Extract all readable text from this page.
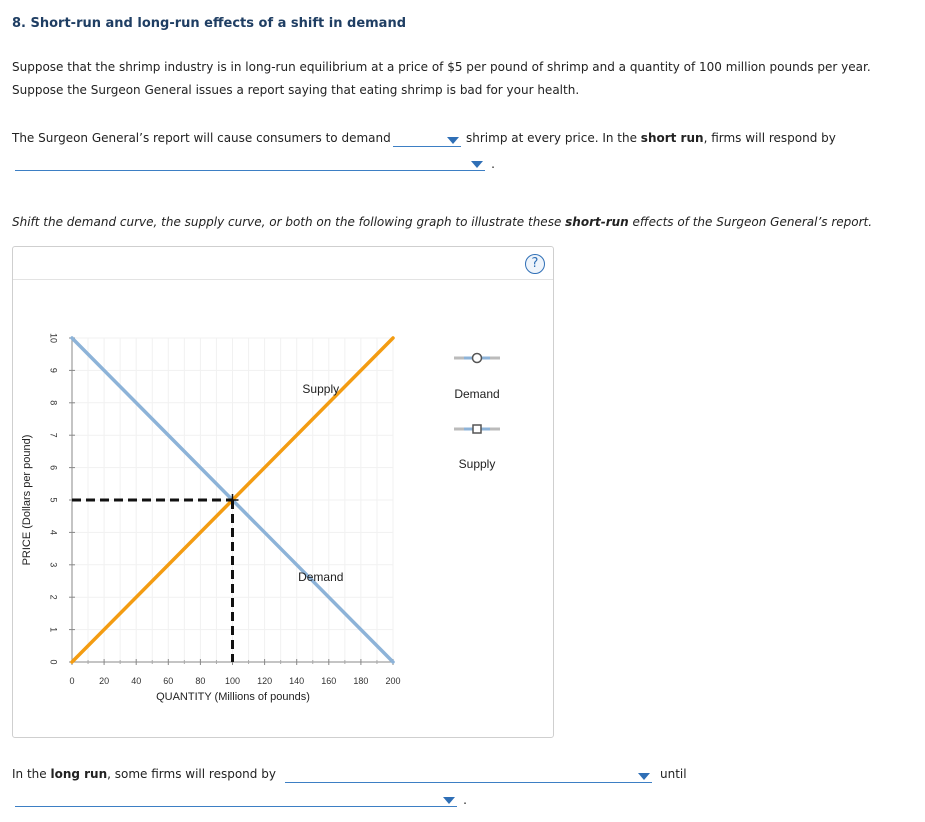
8. Short-run and long-run effects of a shift in demand
Suppose that the shrimp industry is in long-run equilibrium at a price of $5 per pound of shrimp and a quantity of 100 million pounds per year.
Suppose the Surgeon General issues a report saying that eating shrimp is bad for your health.
The Surgeon General’s report will cause consumers to demand	shrimp at every price. In the short run, firms will respond by
.
Shift the demand curve, the supply curve, or both on the following graph to illustrate these short-run effects of the Surgeon General’s report.
?
0	20 40 60 80 100 120 140 160 180 200
0
1
2
3
4
5
6
7
8
9
10
Demand
Supply
QUANTITY (Millions of pounds)
PRICE (Dollars per pound)
Demand
Supply
In the long run, some firms will respond by	until
.
